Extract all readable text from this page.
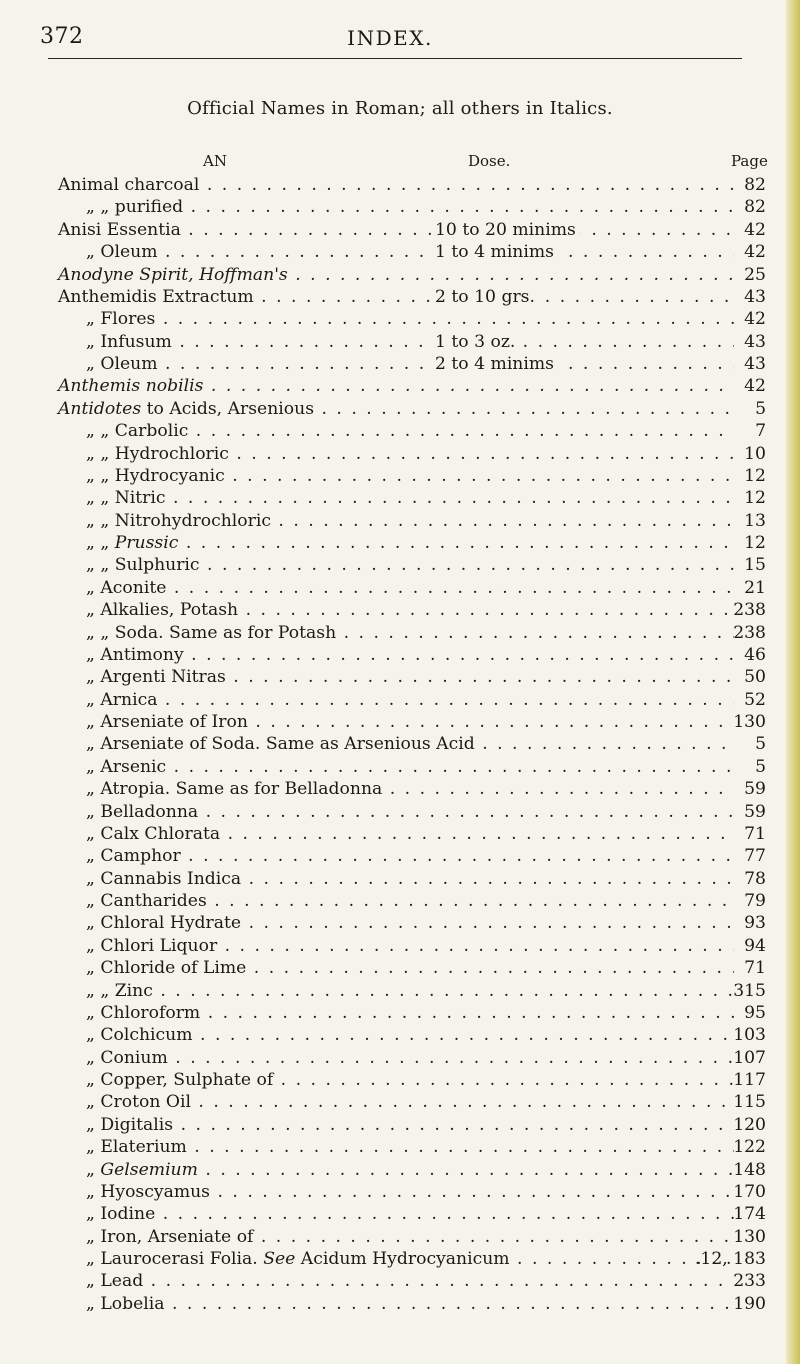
372	INDEX.
Official Names in Roman; all others in Italics.
AN	Dose.	Page
Animal charcoal . . .	82
„ „ purified . . .	82
Anisi Essentia . . .	10 to 20 minims	42
„ Oleum . . .	1 to 4 minims	42
Anodyne Spirit, Hoffman's . . .	25
Anthemidis Extractum . . .	2 to 10 grs.	43
„ Flores . . .	42
„ Infusum . . .	1 to 3 oz.	43
„ Oleum . . .	2 to 4 minims	43
Anthemis nobilis . . .	42
Antidotes to Acids, Arsenious . . .	5
„ „ Carbolic . . .	7
„ „ Hydrochloric . . .	10
„ „ Hydrocyanic . . .	12
„ „ Nitric . . .	12
„ „ Nitrohydrochloric . . .	13
„ „ Prussic . . .	12
„ „ Sulphuric . . .	15
„ Aconite . . .	21
„ Alkalies, Potash . . .	238
„ „ Soda. Same as for Potash . . .	238
„ Antimony . . .	46
„ Argenti Nitras . . .	50
„ Arnica . . .	52
„ Arseniate of Iron . . .	130
„ Arseniate of Soda. Same as Arsenious Acid . . .	5
„ Arsenic . . .	5
„ Atropia. Same as for Belladonna . . .	59
„ Belladonna . . .	59
„ Calx Chlorata . . .	71
„ Camphor . . .	77
„ Cannabis Indica . . .	78
„ Cantharides . . .	79
„ Chloral Hydrate . . .	93
„ Chlori Liquor . . .	94
„ Chloride of Lime . . .	71
„ „ Zinc . . .	315
„ Chloroform . . .	95
„ Colchicum . . .	103
„ Conium . . .	107
„ Copper, Sulphate of . . .	117
„ Croton Oil . . .	115
„ Digitalis . . .	120
„ Elaterium . . .	122
„ Gelsemium . . .	148
„ Hyoscyamus . . .	170
„ Iodine . . .	174
„ Iron, Arseniate of . . .	130
„ Laurocerasi Folia. See Acidum Hydrocyanicum . . .	.12, 183
„ Lead . . .	233
„ Lobelia . . .	190
